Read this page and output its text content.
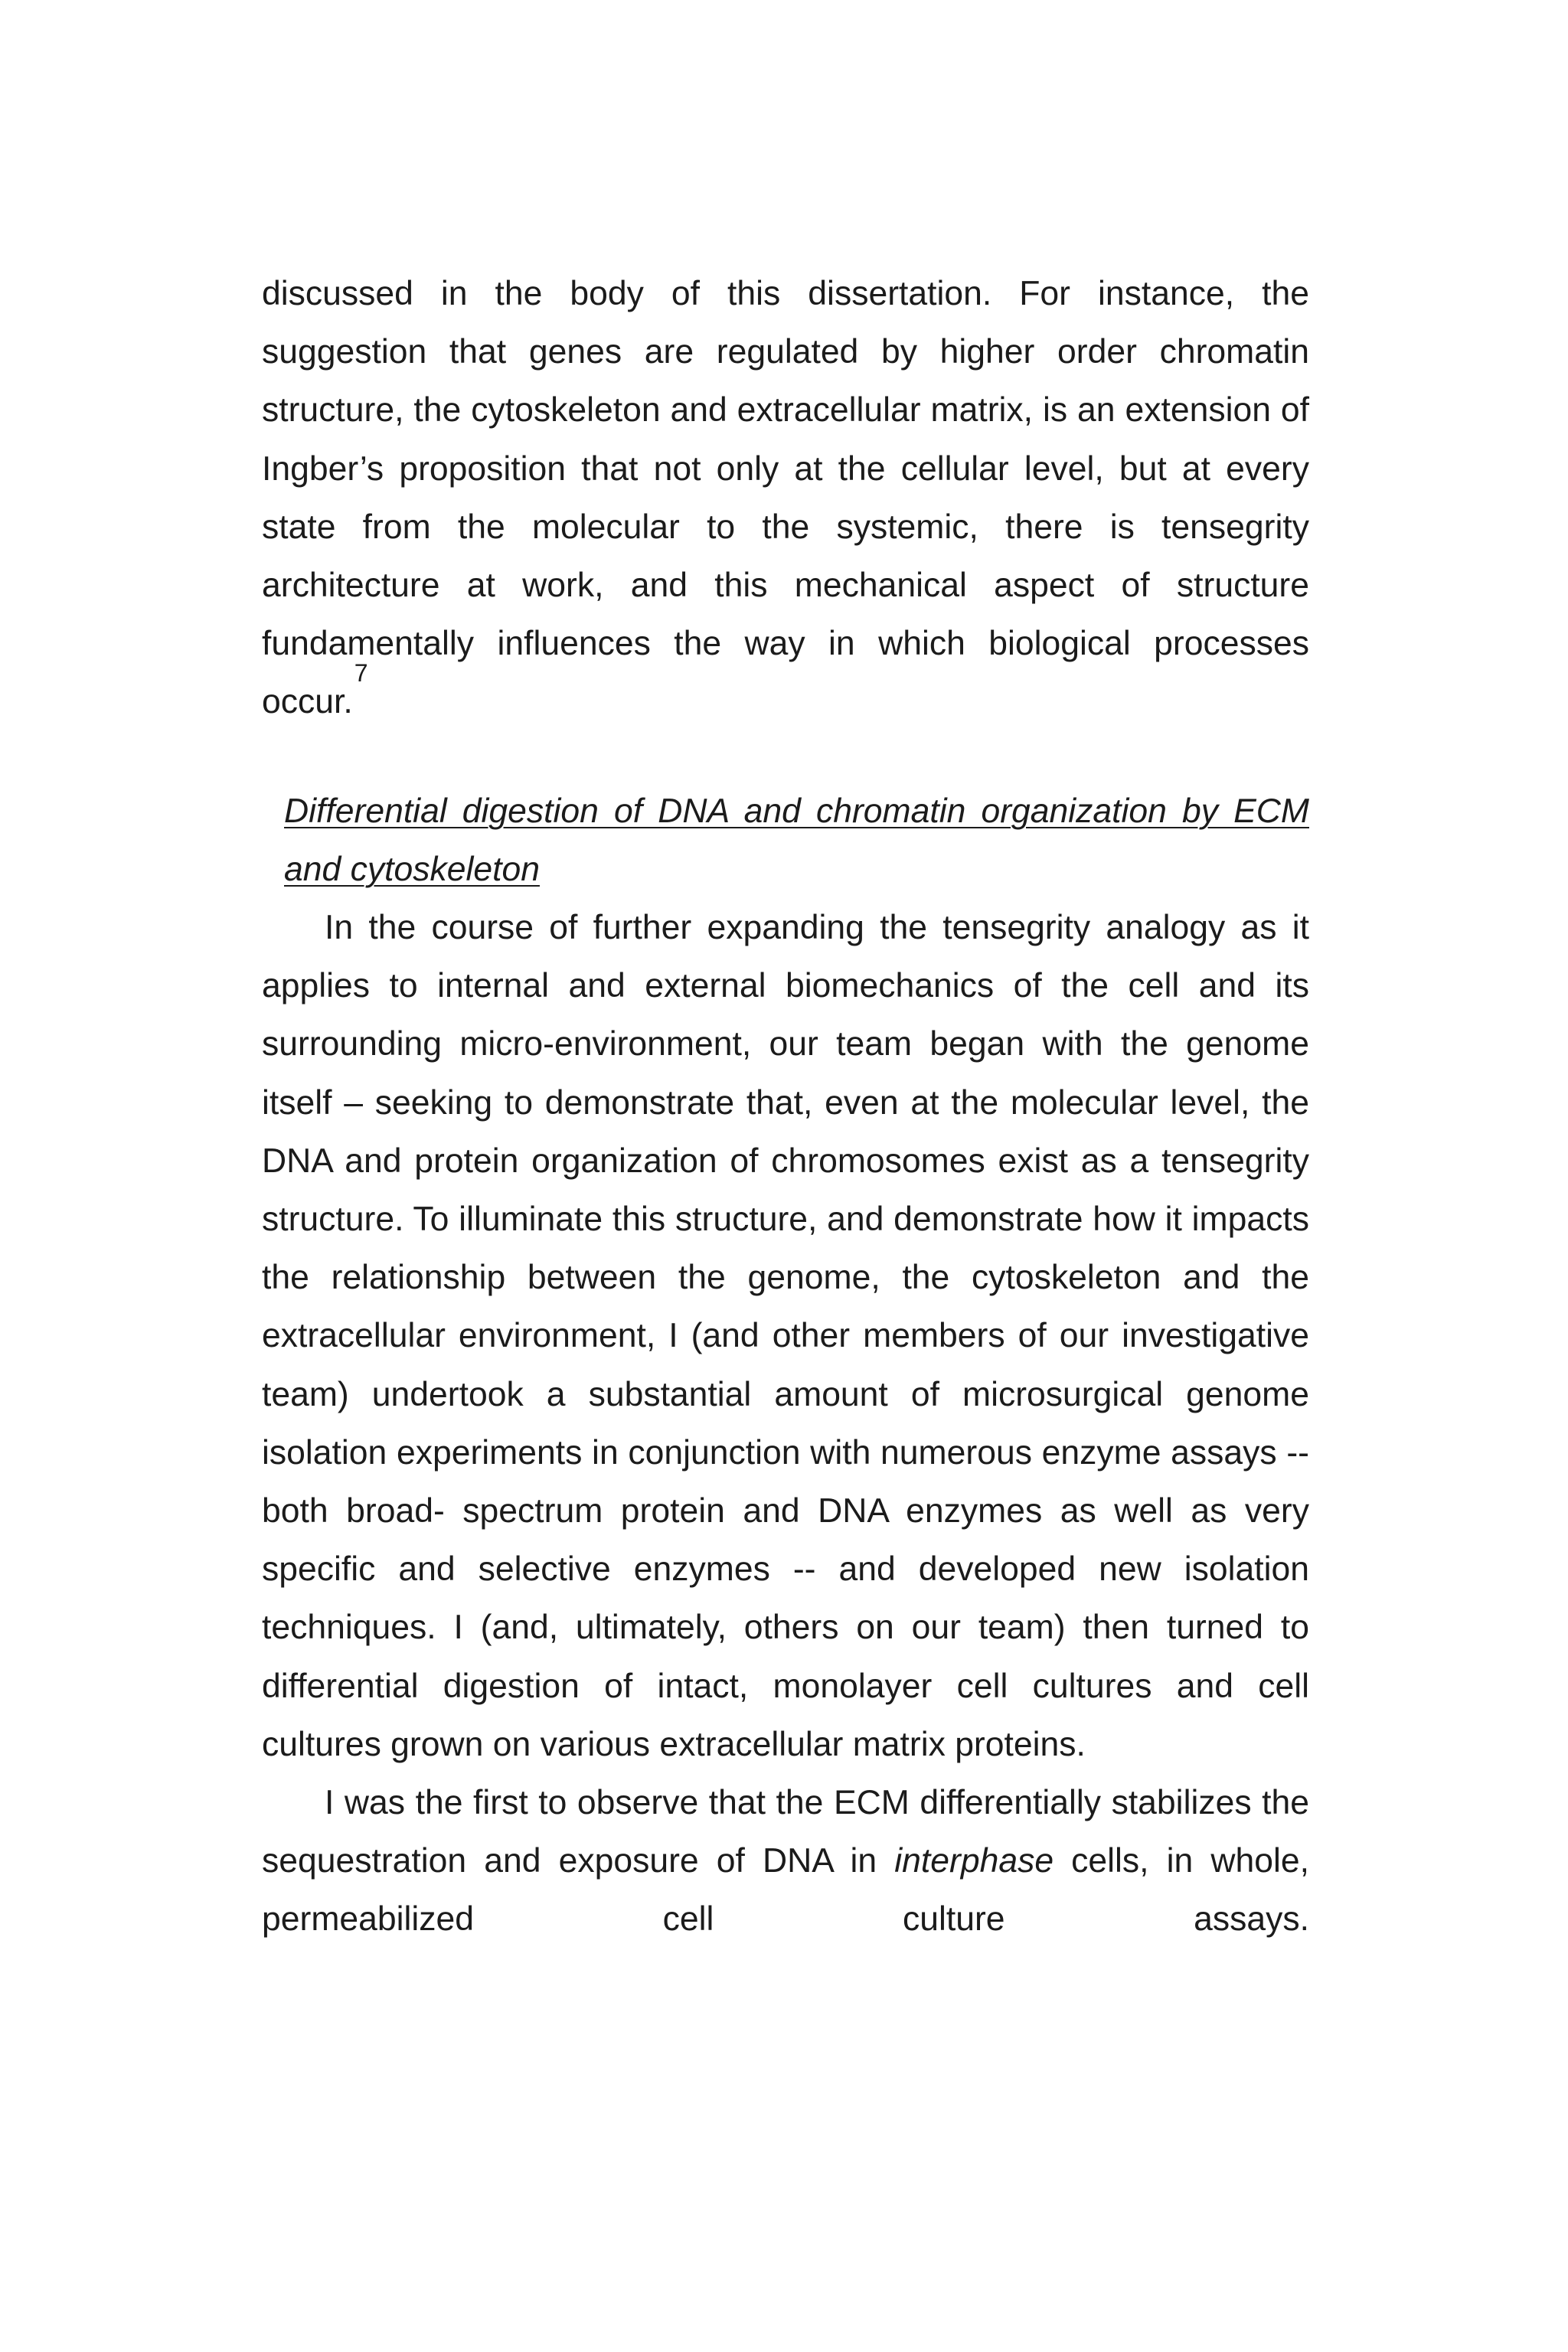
discussed in the body of this dissertation. For instance, the suggestion that genes are regulated by higher order chromatin structure, the cytoskeleton and extracellular matrix, is an extension of Ingber’s proposition that not only at the cellular level, but at every state from the molecular to the systemic, there is tensegrity architecture at work, and this mechanical aspect of structure fundamentally influences the way in which biological processes occur.$^7$

Differential digestion of DNA and chromatin organization by ECM and cytoskeleton

In the course of further expanding the tensegrity analogy as it applies to internal and external biomechanics of the cell and its surrounding micro-environment, our team began with the genome itself – seeking to demonstrate that, even at the molecular level, the DNA and protein organization of chromosomes exist as a tensegrity structure. To illuminate this structure, and demonstrate how it impacts the relationship between the genome, the cytoskeleton and the extracellular environment, I (and other members of our investigative team) undertook a substantial amount of microsurgical genome isolation experiments in conjunction with numerous enzyme assays -- both broad- spectrum protein and DNA enzymes as well as very specific and selective enzymes -- and developed new isolation techniques. I (and, ultimately, others on our team) then turned to differential digestion of intact, monolayer cell cultures and cell cultures grown on various extracellular matrix proteins.

I was the first to observe that the ECM differentially stabilizes the sequestration and exposure of DNA in interphase cells, in whole, permeabilized cell culture assays.
